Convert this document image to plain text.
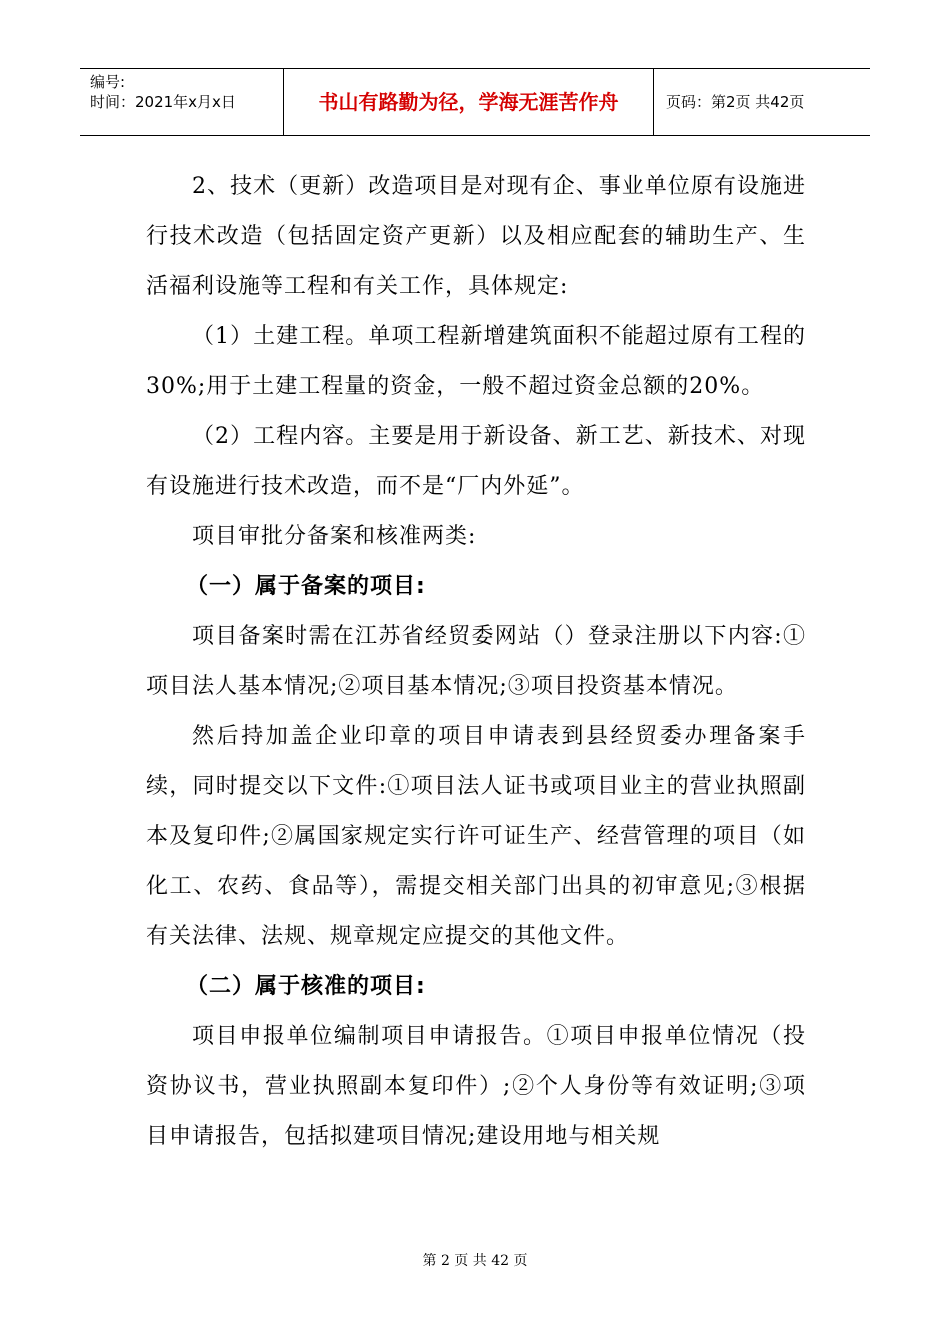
编号:
时间：2021年x月x日	书山有路勤为径，学海无涯苦作舟	页码：第2页 共42页

2、技术（更新）改造项目是对现有企、事业单位原有设施进行技术改造（包括固定资产更新）以及相应配套的辅助生产、生活福利设施等工程和有关工作，具体规定:

（1）土建工程。单项工程新增建筑面积不能超过原有工程的30%;用于土建工程量的资金，一般不超过资金总额的20%。

（2）工程内容。主要是用于新设备、新工艺、新技术、对现有设施进行技术改造，而不是“厂内外延”。

项目审批分备案和核准两类:

（一）属于备案的项目:

项目备案时需在江苏省经贸委网站（）登录注册以下内容:①项目法人基本情况;②项目基本情况;③项目投资基本情况。

然后持加盖企业印章的项目申请表到县经贸委办理备案手续，同时提交以下文件:①项目法人证书或项目业主的营业执照副本及复印件;②属国家规定实行许可证生产、经营管理的项目（如化工、农药、食品等），需提交相关部门出具的初审意见;③根据有关法律、法规、规章规定应提交的其他文件。

（二）属于核准的项目:

项目申报单位编制项目申请报告。①项目申报单位情况（投资协议书，营业执照副本复印件）;②个人身份等有效证明;③项目申请报告，包括拟建项目情况;建设用地与相关规

第 2 页 共 42 页
